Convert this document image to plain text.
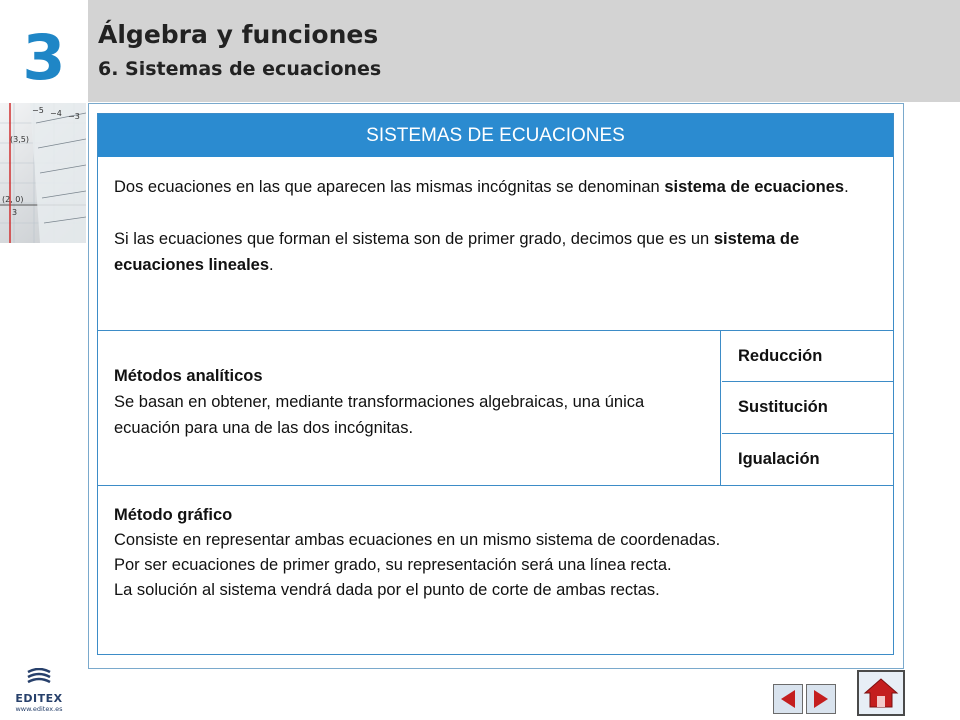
3	Álgebra y funciones
6. Sistemas de ecuaciones
−5 −4 −3
(3,5)
(2, 0)
3
SISTEMAS DE ECUACIONES

Dos ecuaciones en las que aparecen las mismas incógnitas se denominan sistema de ecuaciones.

Si las ecuaciones que forman el sistema son de primer grado, decimos que es un sistema de ecuaciones lineales.

Métodos analíticos
Se basan en obtener, mediante transformaciones algebraicas, una única ecuación para una de las dos incógnitas.
Reducción
Sustitución
Igualación
Método gráfico
Consiste en representar ambas ecuaciones en un mismo sistema de coordenadas.
Por ser ecuaciones de primer grado, su representación será una línea recta.
La solución al sistema vendrá dada por el punto de corte de ambas rectas.
EDITEX
www.editex.es
